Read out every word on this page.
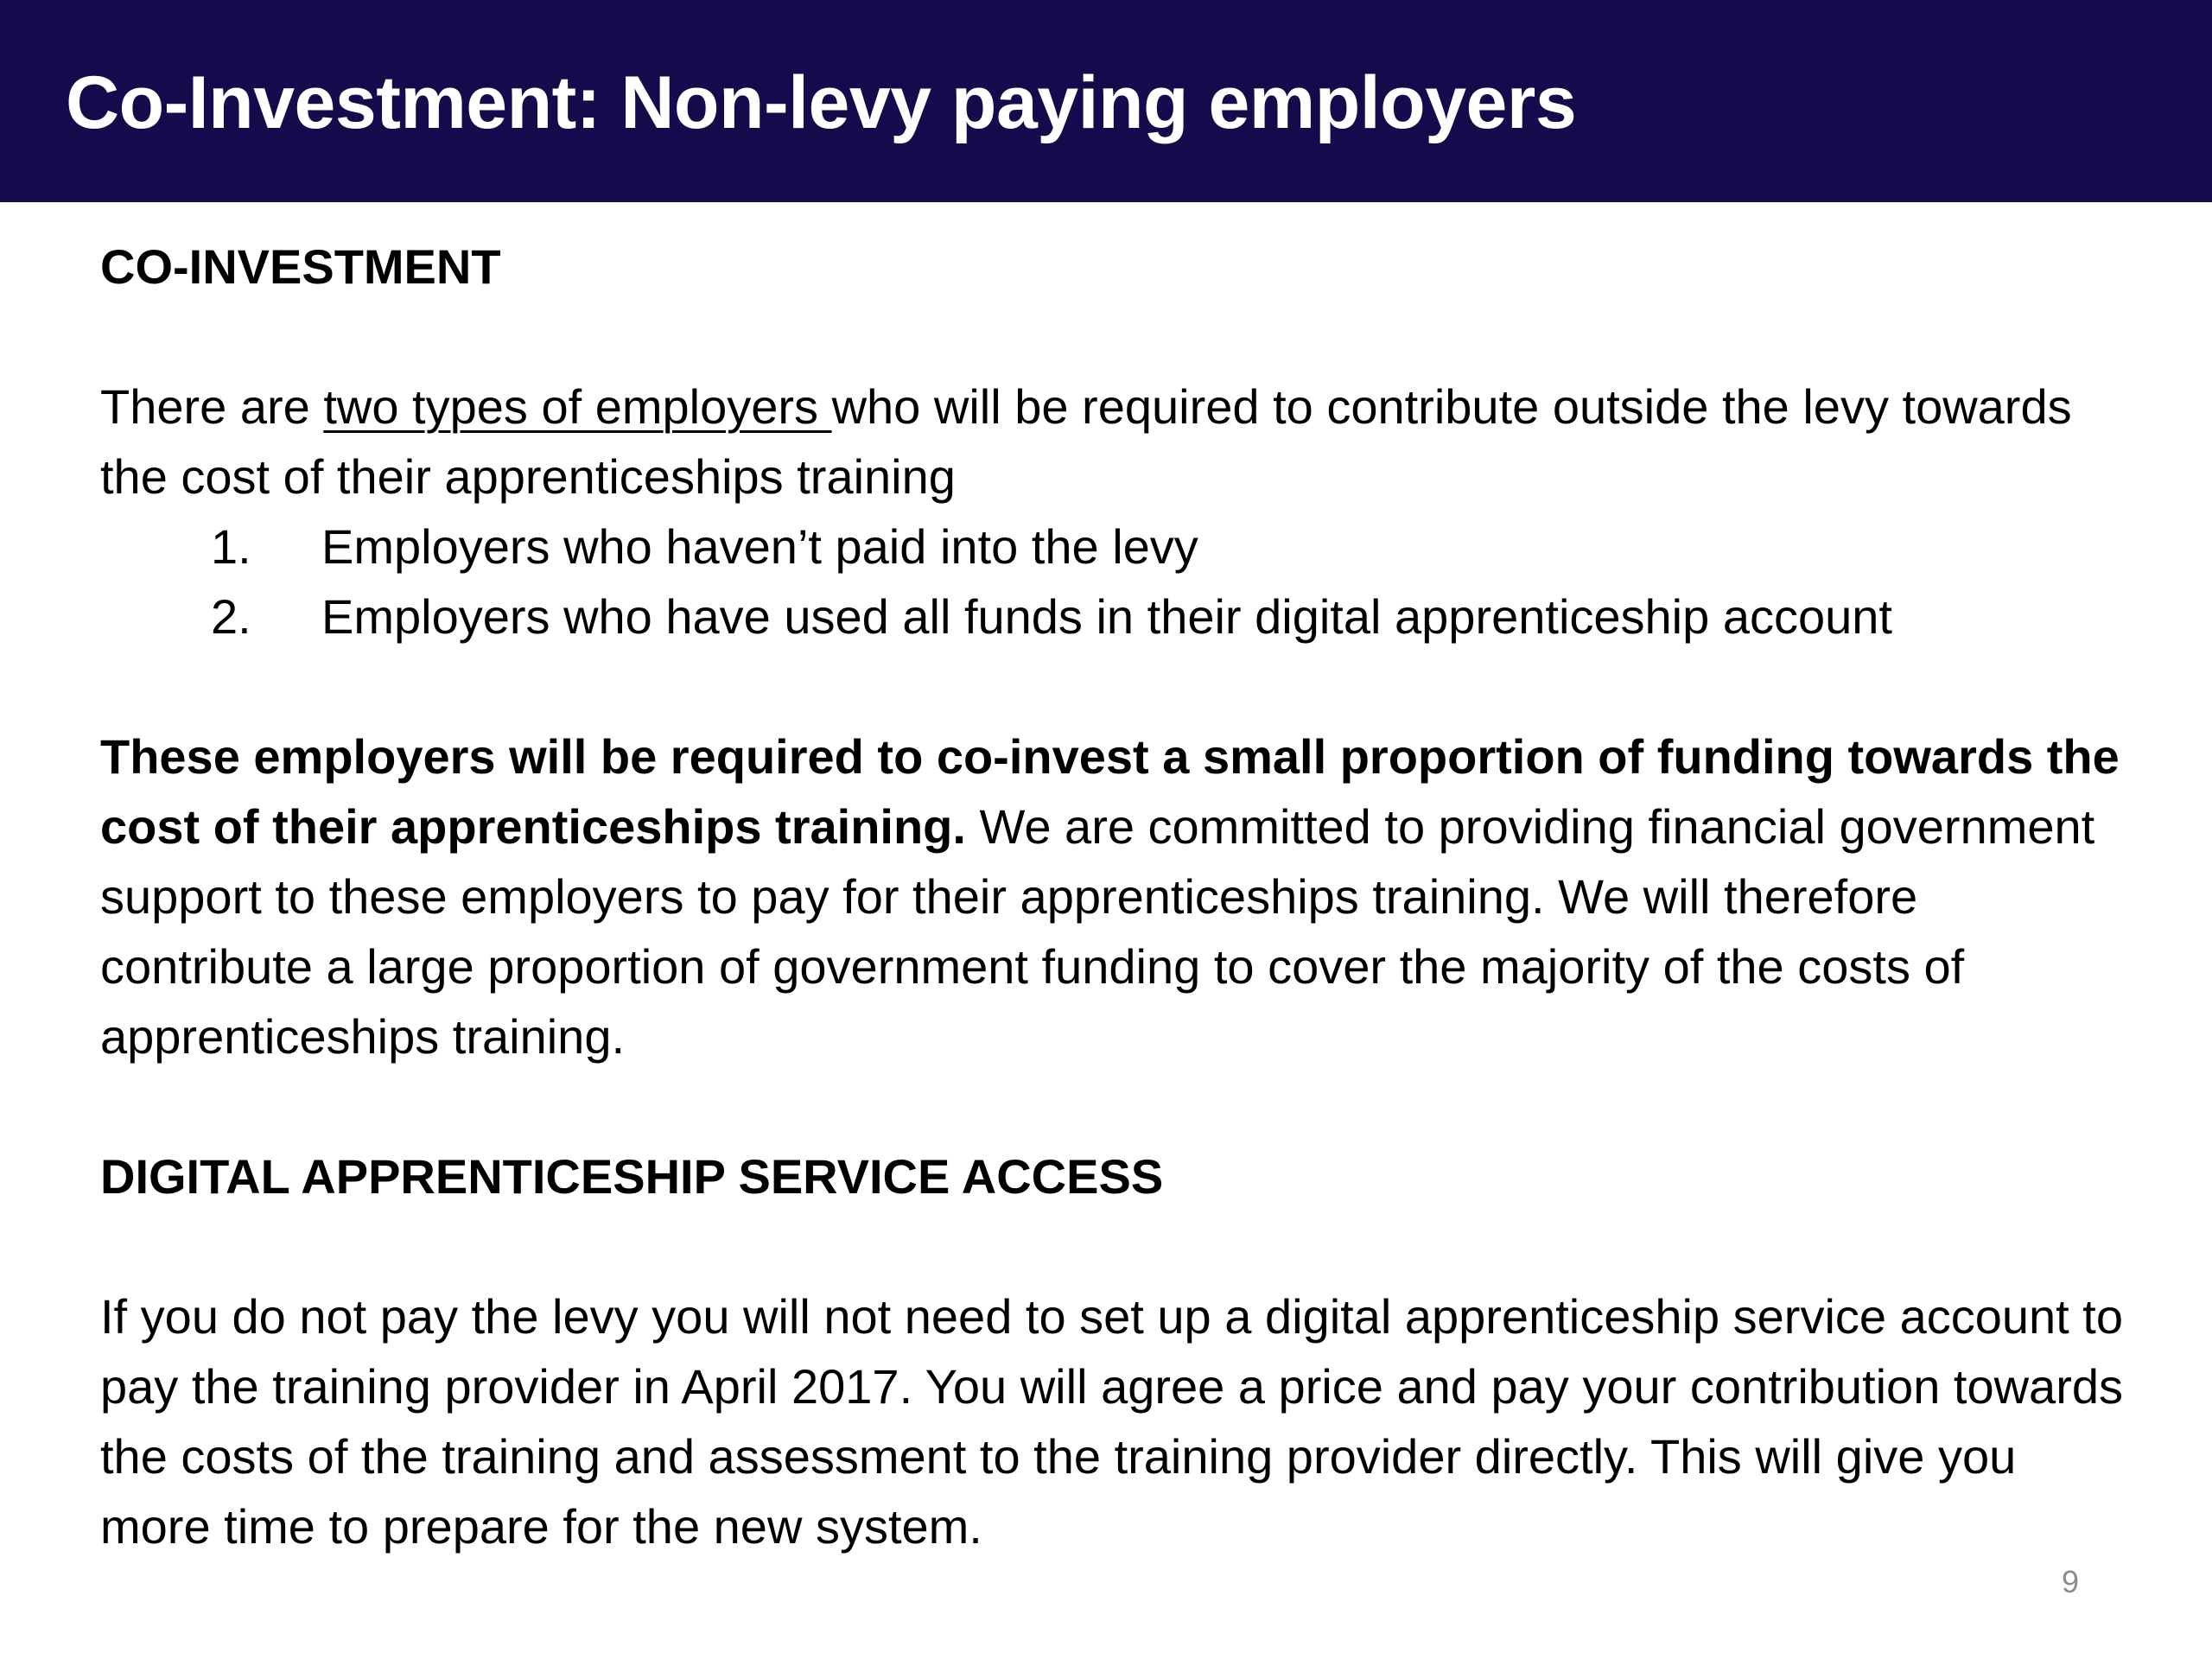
Co-Investment: Non-levy paying employers
CO-INVESTMENT

There are two types of employers who will be required to contribute outside the levy towards the cost of their apprenticeships training

1. Employers who haven’t paid into the levy
2. Employers who have used all funds in their digital apprenticeship account

These employers will be required to co-invest a small proportion of funding towards the cost of their apprenticeships training. We are committed to providing financial government support to these employers to pay for their apprenticeships training. We will therefore contribute a large proportion of government funding to cover the majority of the costs of apprenticeships training.

DIGITAL APPRENTICESHIP SERVICE ACCESS

If you do not pay the levy you will not need to set up a digital apprenticeship service account to pay the training provider in April 2017. You will agree a price and pay your contribution towards the costs of the training and assessment to the training provider directly. This will give you more time to prepare for the new system.

9
